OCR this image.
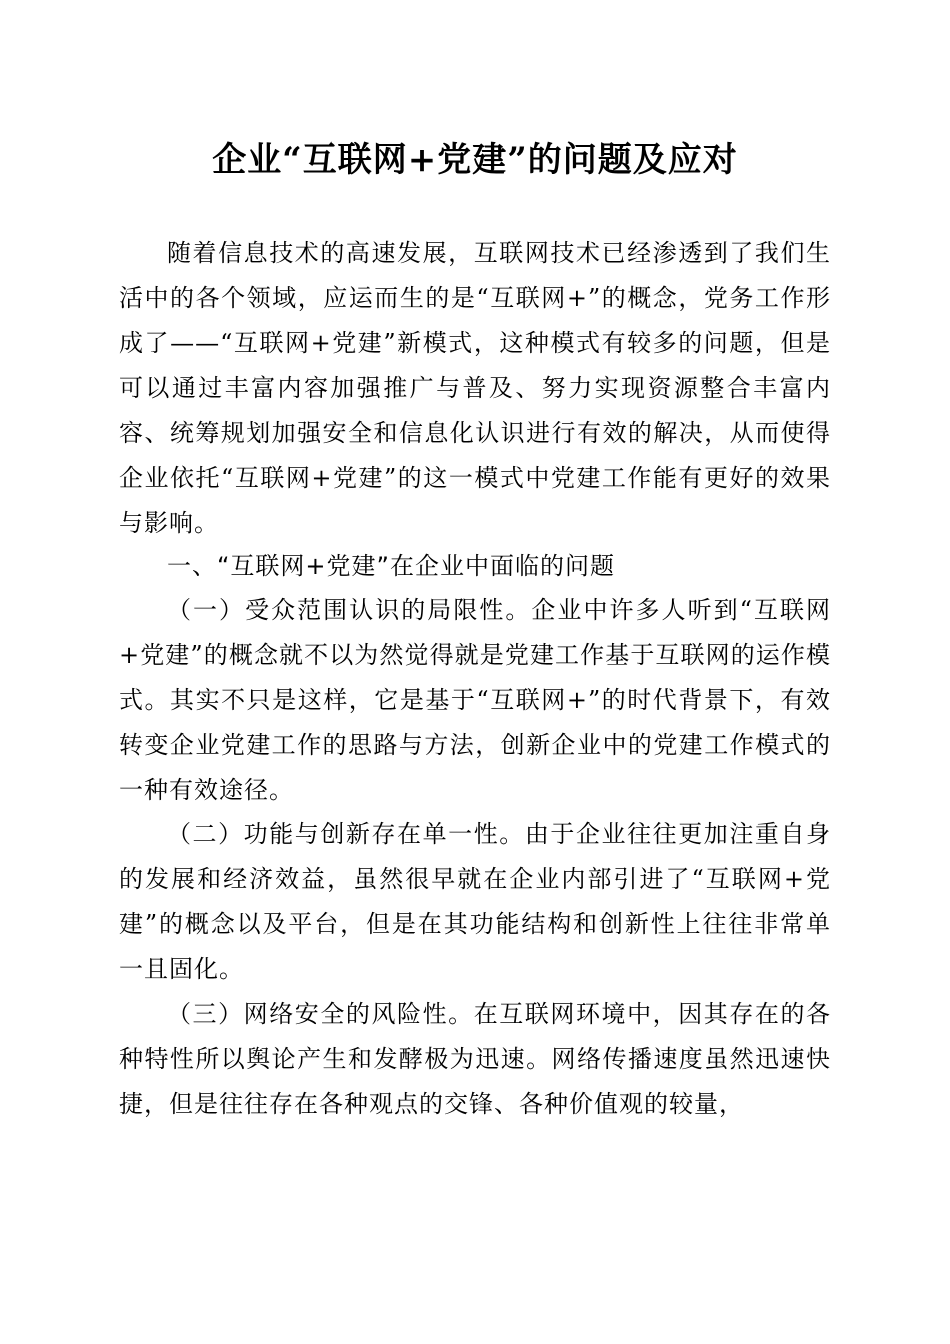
企业“互联网+党建”的问题及应对

随着信息技术的高速发展，互联网技术已经渗透到了我们生活中的各个领域，应运而生的是“互联网+”的概念，党务工作形成了——“互联网+党建”新模式，这种模式有较多的问题，但是可以通过丰富内容加强推广与普及、努力实现资源整合丰富内容、统筹规划加强安全和信息化认识进行有效的解决，从而使得企业依托“互联网+党建”的这一模式中党建工作能有更好的效果与影响。

一、“互联网+党建”在企业中面临的问题

（一）受众范围认识的局限性。企业中许多人听到“互联网+党建”的概念就不以为然觉得就是党建工作基于互联网的运作模式。其实不只是这样，它是基于“互联网+”的时代背景下，有效转变企业党建工作的思路与方法，创新企业中的党建工作模式的一种有效途径。

（二）功能与创新存在单一性。由于企业往往更加注重自身的发展和经济效益，虽然很早就在企业内部引进了“互联网+党建”的概念以及平台，但是在其功能结构和创新性上往往非常单一且固化。

（三）网络安全的风险性。在互联网环境中，因其存在的各种特性所以舆论产生和发酵极为迅速。网络传播速度虽然迅速快捷，但是往往存在各种观点的交锋、各种价值观的较量，
